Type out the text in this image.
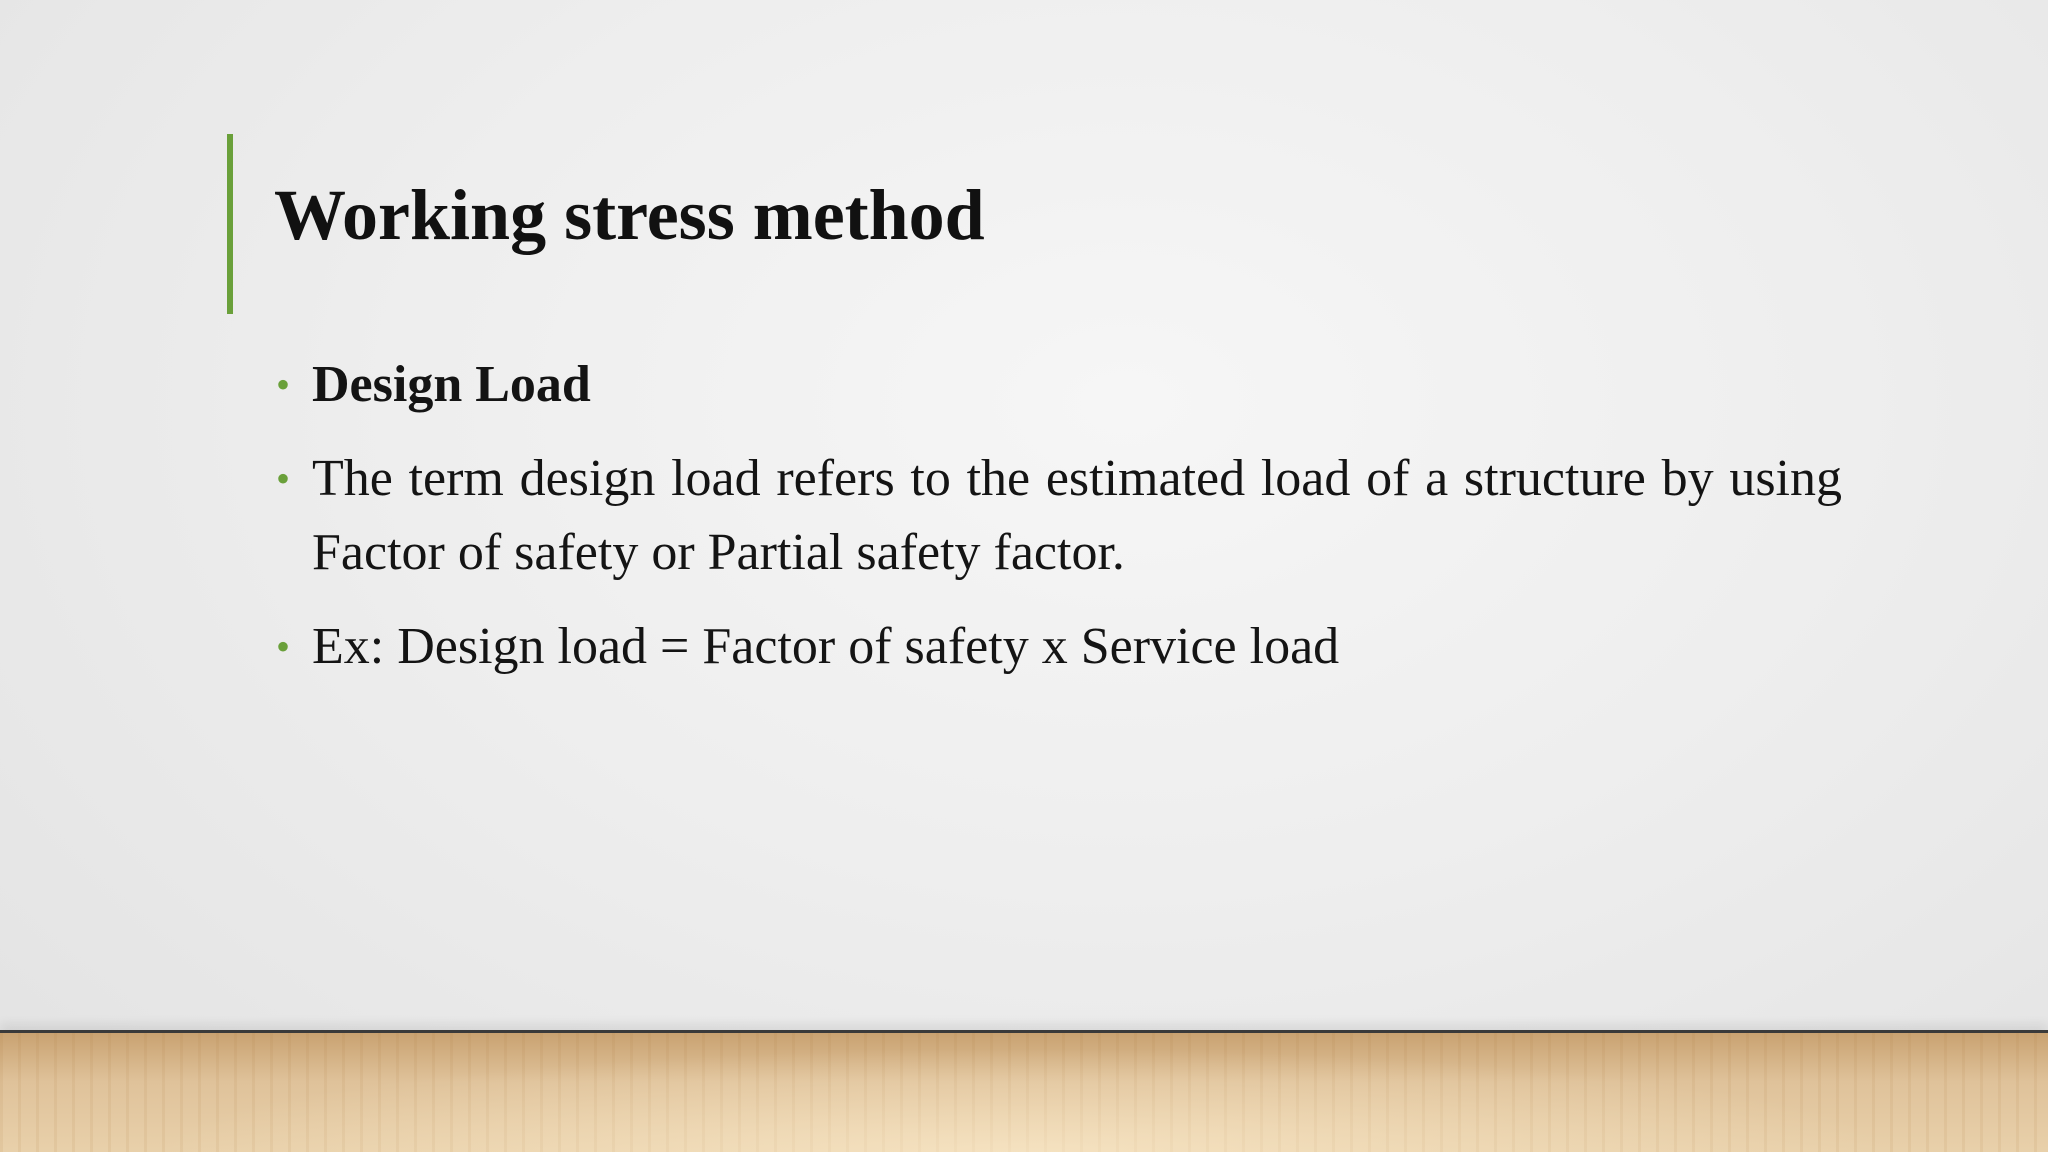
Working stress method
• Design Load
• The term design load refers to the estimated load of a structure by using Factor of safety or Partial safety factor.
• Ex: Design load = Factor of safety x Service load
